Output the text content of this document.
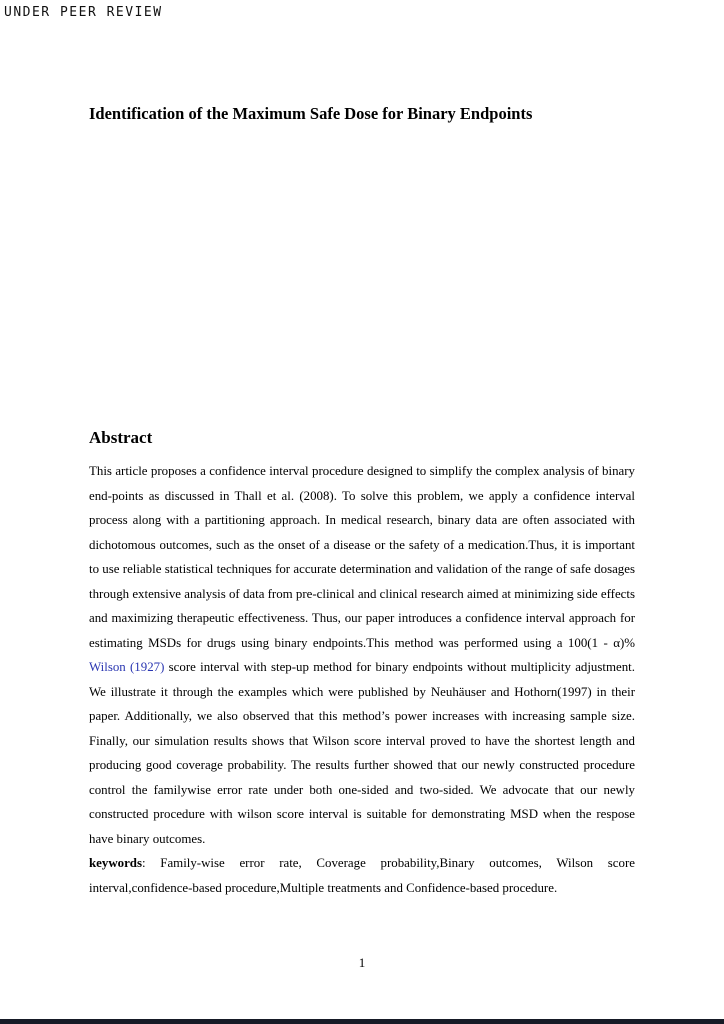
UNDER PEER REVIEW
Identification of the Maximum Safe Dose for Binary Endpoints
Abstract

This article proposes a confidence interval procedure designed to simplify the complex analysis of binary end-points as discussed in Thall et al. (2008). To solve this problem, we apply a confidence interval process along with a partitioning approach. In medical research, binary data are often associated with dichotomous outcomes, such as the onset of a disease or the safety of a medication.Thus, it is important to use reliable statistical techniques for accurate determination and validation of the range of safe dosages through extensive analysis of data from pre-clinical and clinical research aimed at minimizing side effects and maximizing therapeutic effectiveness. Thus, our paper introduces a confidence interval approach for estimating MSDs for drugs using binary endpoints.This method was performed using a 100(1 - α)% Wilson (1927) score interval with step-up method for binary endpoints without multiplicity adjustment. We illustrate it through the examples which were published by Neuhäuser and Hothorn(1997) in their paper. Additionally, we also observed that this method’s power increases with increasing sample size. Finally, our simulation results shows that Wilson score interval proved to have the shortest length and producing good coverage probability. The results further showed that our newly constructed procedure control the familywise error rate under both one-sided and two-sided. We advocate that our newly constructed procedure with wilson score interval is suitable for demonstrating MSD when the respose have binary outcomes.

keywords: Family-wise error rate, Coverage probability,Binary outcomes, Wilson score interval,confidence-based procedure,Multiple treatments and Confidence-based procedure.

1
